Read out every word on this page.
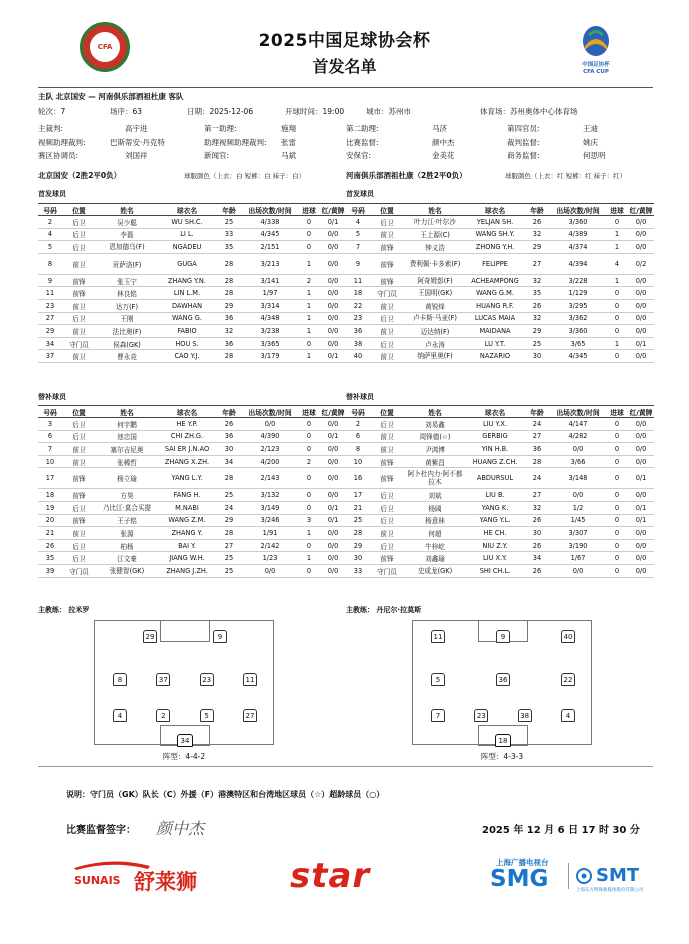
CFA	2025中国足球协会杯
首发名单	中国足协杯 CFA CUP
主队 北京国安 — 河南俱乐部酒祖杜康 客队
轮次：7	场序：63	日期：2025-12-06	开球时间：19:00	城市：苏州市	体育场：苏州奥体中心体育场
主裁判:	高宇进	第一助理:	施翔	第二助理:	马济	第四官员:	王迪
视频助理裁判:	巴斯蒂安·丹克特	助理视频助理裁判: 张雷	比赛监督:	颜中杰	裁判监督:	姚庆
赛区协调员:	刘国祥	新闻官:	马斌	安保官:	金美花	商务监督:	何思明
北京国安（2胜2平0负）	球服颜色（上衣：白 短裤：白 袜子：白）	河南俱乐部酒祖杜康（2胜2平0负）	球服颜色（上衣：红 短裤：红 袜子：红）
首发球员	首发球员
号码	位置	姓名	球衣名	年龄	出场次数/时间	进球	红/黄牌
2	后卫	吴少聪	WU SH.C.	25	4/338	0	0/1
4	后卫	李磊	LI L.	33	4/345	0	0/0
5	后卫	恩加德乌(F)	NGADEU	35	2/151	0	0/0
8	前卫	贡萨洛(F)	GUGA	28	3/213	1	0/0
9	前锋	张玉宁	ZHANG Y.N.	28	3/141	2	0/0
11	前锋	林良铭	LIN L.M.	28	1/97	1	0/0
23	前卫	达万(F)	DAWHAN	29	3/314	1	0/0
27	后卫	王刚	WANG G.	36	4/348	1	0/0
29	前卫	法比奥(F)	FABIO	32	3/238	1	0/0
34	守门员	侯森(GK)	HOU S.	36	3/365	0	0/0
37	前卫	曹永竞	CAO Y.J.	28	3/179	1	0/1
号码	位置	姓名	球衣名	年龄	出场次数/时间	进球	红/黄牌
4	后卫	叶力江·叶尔沙	YELJAN SH.	26	3/360	0	0/0
5	前卫	王上源(C)	WANG SH.Y.	32	4/389	1	0/0
7	前锋	钟义浩	ZHONG Y.H.	29	4/374	1	0/0
9	前锋	费利佩·卡多索(F)	FELIPPE	27	4/394	4	0/2
11	前锋	阿奇姆彭(F)	ACHEAMPONG	32	3/228	1	0/0
18	守门员	王国明(GK)	WANG G.M.	35	1/129	0	0/0
22	前卫	黄锐烽	HUANG R.F.	26	3/295	0	0/0
23	后卫	卢卡斯·马亚(F)	LUCAS MAIA	32	3/362	0	0/0
36	前卫	迈达纳(F)	MAIDANA	29	3/360	0	0/0
38	后卫	卢永涛	LU Y.T.	25	3/65	1	0/1
40	前卫	纳萨里奥(F)	NAZARIO	30	4/345	0	0/0
替补球员	替补球员
号码	位置	姓名	球衣名	年龄	出场次数/时间	进球	红/黄牌
3	后卫	何宇鹏	HE Y.P.	26	0/0	0	0/0
6	后卫	池忠国	CHI ZH.G.	36	4/390	0	0/1
7	前卫	塞尔吉尼奥	SAI ER J.N.AO	30	2/123	0	0/0
10	前卫	张稀哲	ZHANG X.ZH.	34	4/200	2	0/0
17	前锋	杨立瑜	YANG L.Y.	28	2/143	0	0/0
18	前锋	方昊	FANG H.	25	3/132	0	0/0
19	后卫	乃比江·莫合买提	M.NABI	24	3/149	0	0/1
20	前锋	王子铭	WANG Z.M.	29	3/246	3	0/1
21	前卫	张源	ZHANG Y.	28	1/91	1	0/0
26	后卫	柏杨	BAI Y.	27	2/142	0	0/0
35	后卫	江文豪	JIANG W.H.	25	1/23	1	0/0
39	守门员	张健智(GK)	ZHANG J.ZH.	25	0/0	0	0/0
号码	位置	姓名	球衣名	年龄	出场次数/时间	进球	红/黄牌
2	后卫	刘易鑫	LIU Y.X.	24	4/147	0	0/0
6	前卫	周锋德(☆)	GERBIG	27	4/282	0	0/0
8	前卫	尹鸿博	YIN H.B.	36	0/0	0	0/0
10	前锋	黄紫昌	HUANG Z.CH.	28	3/66	0	0/0
16	前锋	阿卜杜内力·阿不都拉木	ABDURSUL	24	3/148	0	0/1
17	后卫	刘斌	LIU B.	27	0/0	0	0/0
21	后卫	杨阔	YANG K.	32	1/2	0	0/1
25	后卫	杨意林	YANG Y.L.	26	1/45	0	0/1
28	前卫	何超	HE CH.	30	3/307	0	0/0
29	后卫	牛梓屹	NIU Z.Y.	26	3/190	0	0/0
30	前锋	刘鑫瑜	LIU X.Y.	34	1/67	0	0/0
33	守门员	史成龙(GK)	SHI CH.L.	26	0/0	0	0/0
主教练： 拉米罗	主教练： 丹尼尔·拉莫斯
29	9
8	37	23	11
4	2	5	27
34
阵型：4-4-2
11	9	40
5	36	22
7	23	38	4
18
阵型：4-3-3
说明：守门员（GK）队长（C）外援（F）港澳特区和台湾地区球员（☆）超龄球员（○）
比赛监督签字： 颜中杰	2025 年 12 月 6 日 17 时 30 分
SUNAIS 舒莱狮	star	上海广播电视台
SMG	SMT
上海东方明珠新媒体股份有限公司
